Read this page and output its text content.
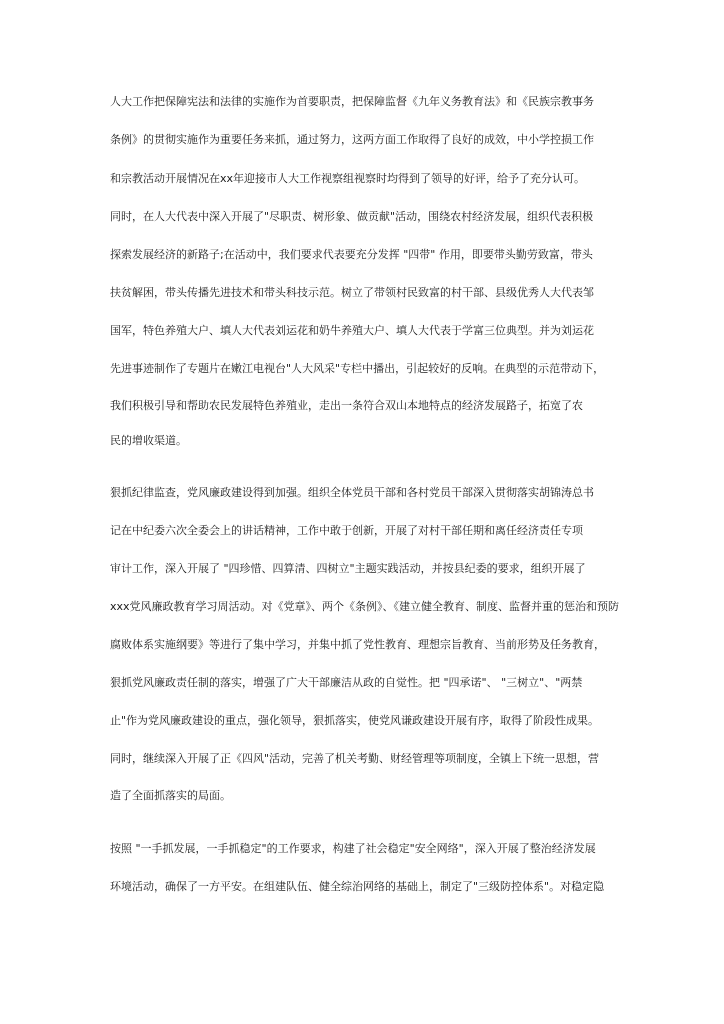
人大工作把保障宪法和法律的实施作为首要职责，把保障监督《九年义务教育法》和《民族宗教事务
条例》的贯彻实施作为重要任务来抓，通过努力，这两方面工作取得了良好的成效，中小学控损工作
和宗教活动开展情况在xx年迎接市人大工作视察组视察时均得到了领导的好评，给予了充分认可。
同时，在人大代表中深入开展了"尽职责、树形象、做贡献"活动，围绕农村经济发展，组织代表积极
探索发展经济的新路子;在活动中，我们要求代表要充分发挥 "四带" 作用，即要带头勤劳致富，带头
扶贫解困，带头传播先进技术和带头科技示范。树立了带领村民致富的村干部、县级优秀人大代表邹
国军，特色养殖大户、填人大代表刘运花和奶牛养殖大户、填人大代表于学富三位典型。并为刘运花
先进事迹制作了专题片在嫩江电视台"人大风采"专栏中播出，引起较好的反响。在典型的示范带动下，
我们积极引导和帮助农民发展特色养殖业，走出一条符合双山本地特点的经济发展路子，拓宽了农
民的增收渠道。
狠抓纪律监查，党风廉政建设得到加强。组织全体党员干部和各村党员干部深入贯彻落实胡锦涛总书
记在中纪委六次全委会上的讲话精神，工作中敢于创新，开展了对村干部任期和离任经济责任专项
审计工作，深入开展了 "四珍惜、四算清、四树立"主题实践活动，并按县纪委的要求，组织开展了
xxx党风廉政教育学习周活动。对《党章》、两个《条例》、《建立健全教育、制度、监督并重的惩治和预防
腐败体系实施纲要》等进行了集中学习，并集中抓了党性教育、理想宗旨教育、当前形势及任务教育，
狠抓党风廉政责任制的落实，增强了广大干部廉洁从政的自觉性。把 "四承诺"、 "三树立"、"两禁
止"作为党风廉政建设的重点，强化领导，狠抓落实，使党风谦政建设开展有序，取得了阶段性成果。
同时，继续深入开展了正《四风"活动，完善了机关考勤、财经管理等项制度，全镇上下统一思想，营
造了全面抓落实的局面。
按照 "一手抓发展，一手抓稳定"的工作要求，构建了社会稳定"安全网络"，深入开展了整治经济发展
环境活动，确保了一方平安。在组建队伍、健全综治网络的基础上，制定了"三级防控体系"。对稳定隐
